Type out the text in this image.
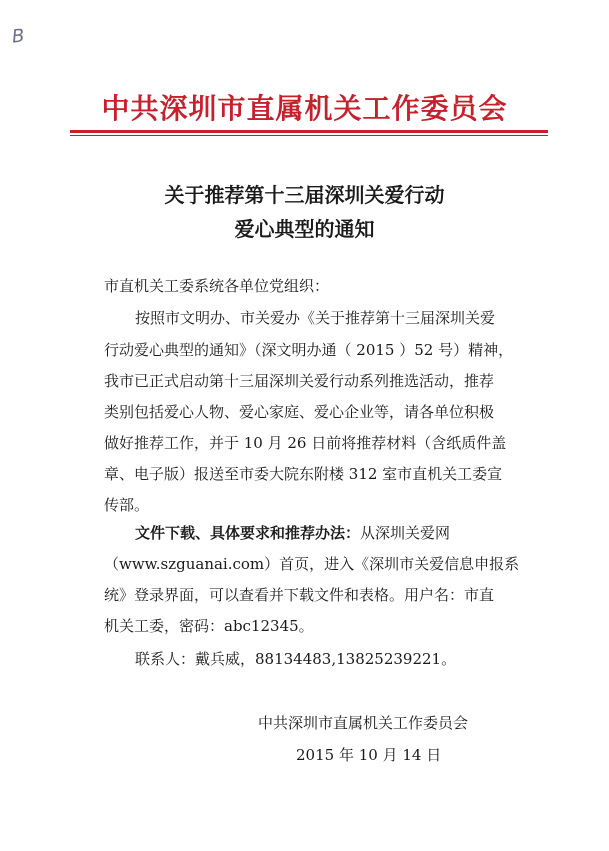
B
中共深圳市直属机关工作委员会
关于推荐第十三届深圳关爱行动
爱心典型的通知
市直机关工委系统各单位党组织：
按照市文明办、市关爱办《关于推荐第十三届深圳关爱
行动爱心典型的通知》（深文明办通（ 2015 ）52 号）精神，
我市已正式启动第十三届深圳关爱行动系列推选活动，推荐
类别包括爱心人物、爱心家庭、爱心企业等，请各单位积极
做好推荐工作，并于 10 月 26 日前将推荐材料（含纸质件盖
章、电子版）报送至市委大院东附楼 312 室市直机关工委宣
传部。
文件下载、具体要求和推荐办法：从深圳关爱网
（www.szguanai.com）首页，进入《深圳市关爱信息申报系
统》登录界面，可以查看并下载文件和表格。用户名：市直
机关工委，密码：abc12345。
联系人：戴兵威，88134483,13825239221。
中共深圳市直属机关工作委员会
2015 年 10 月 14 日
